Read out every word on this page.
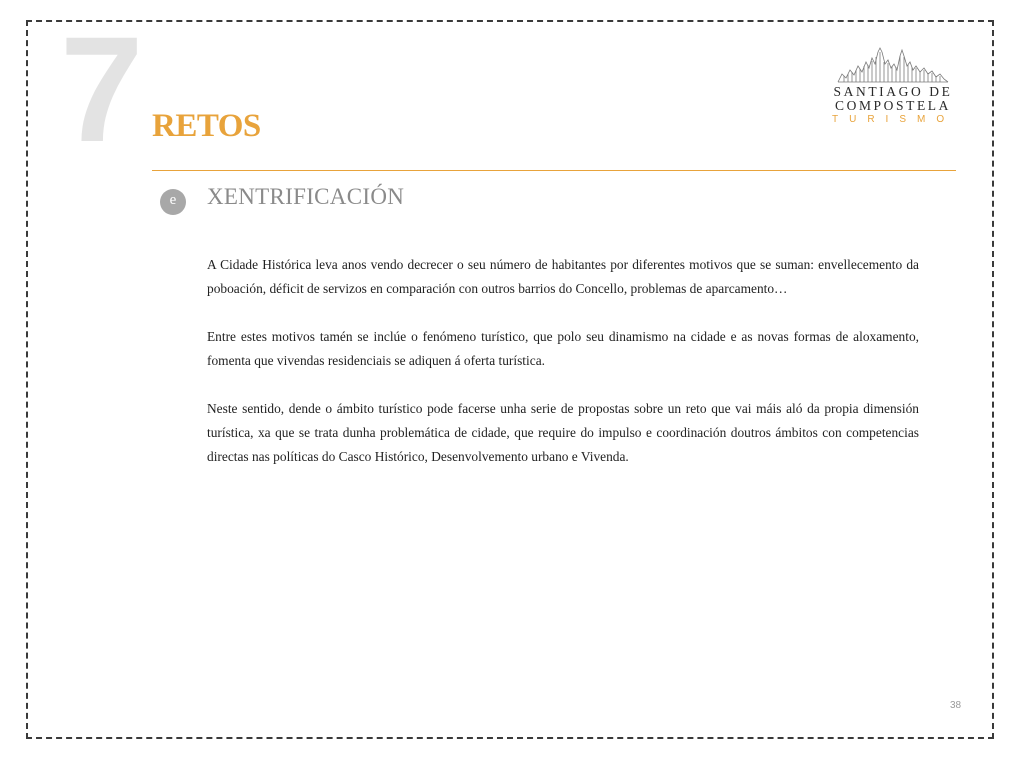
7 RETOS
e	XENTRIFICACIÓN

A Cidade Histórica leva anos vendo decrecer o seu número de habitantes por diferentes motivos que se suman: envellecemento da poboación, déficit de servizos en comparación con outros barrios do Concello, problemas de aparcamento…

Entre estes motivos tamén se inclúe o fenómeno turístico, que polo seu dinamismo na cidade e as novas formas de aloxamento, fomenta que vivendas residenciais se adiquen á oferta turística.

Neste sentido, dende o ámbito turístico pode facerse unha serie de propostas sobre un reto que vai máis aló da propia dimensión turística, xa que se trata dunha problemática de cidade, que require do impulso e coordinación doutros ámbitos con competencias directas nas políticas do Casco Histórico, Desenvolvemento urbano e Vivenda.

SANTIAGO DE
COMPOSTELA
TURISMO
38
